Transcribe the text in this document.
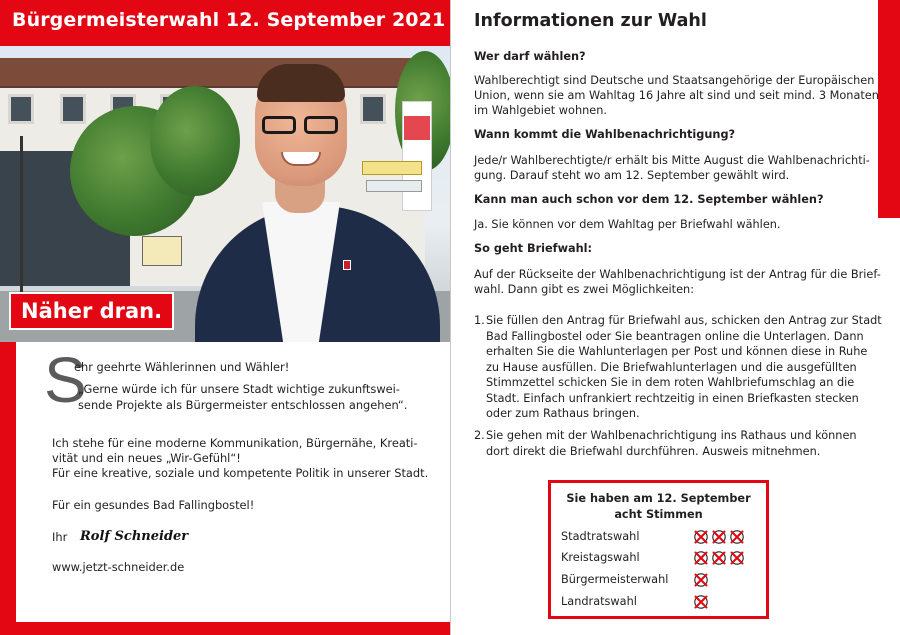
Bürgermeisterwahl 12. September 2021
Näher dran.
S
ehr geehrte Wählerinnen und Wähler!
„Gerne würde ich für unsere Stadt wichtige zukunftswei-
sende Projekte als Bürgermeister entschlossen angehen“.
Ich stehe für eine moderne Kommunikation, Bürgernähe, Kreati-
vität und ein neues „Wir-Gefühl“!
Für eine kreative, soziale und kompetente Politik in unserer Stadt.
Für ein gesundes Bad Fallingbostel!
Ihr Rolf Schneider
www.jetzt-schneider.de
Informationen zur Wahl
Wer darf wählen?
Wahlberechtigt sind Deutsche und Staatsangehörige der Europäischen
Union, wenn sie am Wahltag 16 Jahre alt sind und seit mind. 3 Monaten
im Wahlgebiet wohnen.
Wann kommt die Wahlbenachrichtigung?
Jede/r Wahlberechtigte/r erhält bis Mitte August die Wahlbenachrichti-
gung. Darauf steht wo am 12. September gewählt wird.
Kann man auch schon vor dem 12. September wählen?
Ja. Sie können vor dem Wahltag per Briefwahl wählen.
So geht Briefwahl:
Auf der Rückseite der Wahlbenachrichtigung ist der Antrag für die Brief-
wahl. Dann gibt es zwei Möglichkeiten:
1. Sie füllen den Antrag für Briefwahl aus, schicken den Antrag zur Stadt
Bad Fallingbostel oder Sie beantragen online die Unterlagen. Dann
erhalten Sie die Wahlunterlagen per Post und können diese in Ruhe
zu Hause ausfüllen. Die Briefwahlunterlagen und die ausgefüllten
Stimmzettel schicken Sie in dem roten Wahlbriefumschlag an die
Stadt. Einfach unfrankiert rechtzeitig in einen Briefkasten stecken
oder zum Rathaus bringen.
2. Sie gehen mit der Wahlbenachrichtigung ins Rathaus und können
dort direkt die Briefwahl durchführen. Ausweis mitnehmen.
Sie haben am 12. September
acht Stimmen
Stadtratswahl
Kreistagswahl
Bürgermeisterwahl
Landratswahl
